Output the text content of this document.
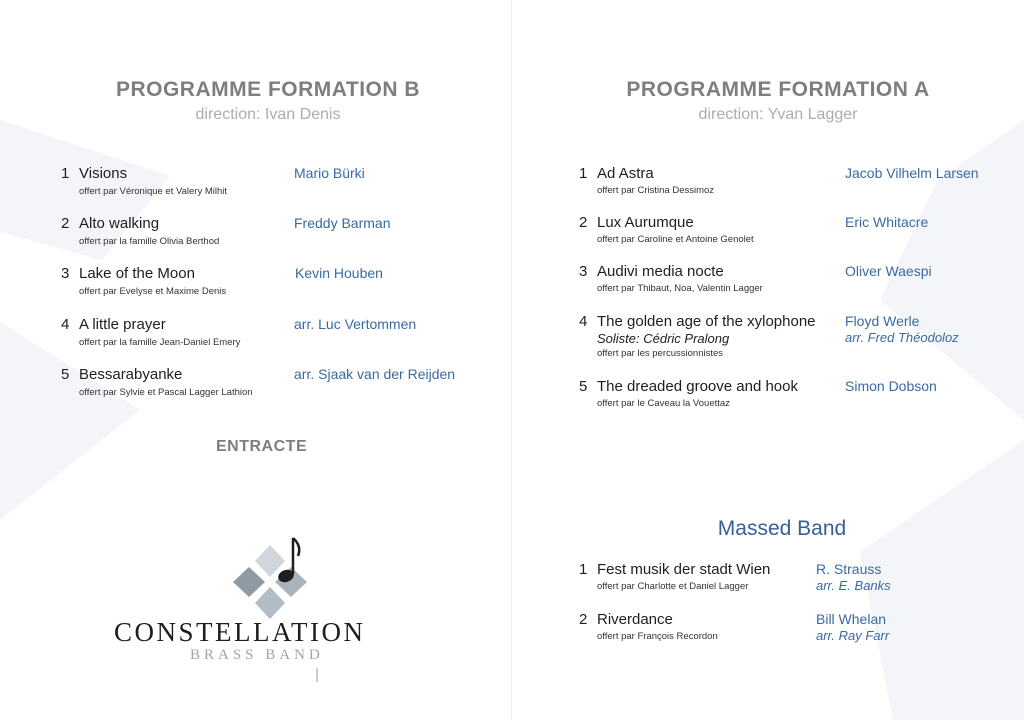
PROGRAMME FORMATION B
direction: Ivan Denis
1 Visions
offert par Véronique et Valery Milhit
Mario Bürki
2 Alto walking
offert par la famille Olivia Berthod
Freddy Barman
3 Lake of the Moon
offert par Evelyse et Maxime Denis
Kevin Houben
4 A little prayer
offert par la famille Jean-Daniel Emery
arr. Luc Vertommen
5 Bessarabyanke
offert par Sylvie et Pascal Lagger Lathion
arr. Sjaak van der Reijden
ENTRACTE
CONSTELLATION
BRASS BAND
PROGRAMME FORMATION A
direction: Yvan Lagger
1 Ad Astra
offert par Cristina Dessimoz
Jacob Vilhelm Larsen
2 Lux Aurumque
offert par Caroline et Antoine Genolet
Eric Whitacre
3 Audivi media nocte
offert par Thibaut, Noa, Valentin Lagger
Oliver Waespi
4 The golden age of the xylophone
Soliste: Cédric Pralong
offert par les percussionnistes
Floyd Werle
arr. Fred Théodoloz
5 The dreaded groove and hook
offert par le Caveau la Vouettaz
Simon Dobson
Massed Band
1 Fest musik der stadt Wien
offert par Charlotte et Daniel Lagger
R. Strauss
arr. E. Banks
2 Riverdance
offert par François Recordon
Bill Whelan
arr. Ray Farr
